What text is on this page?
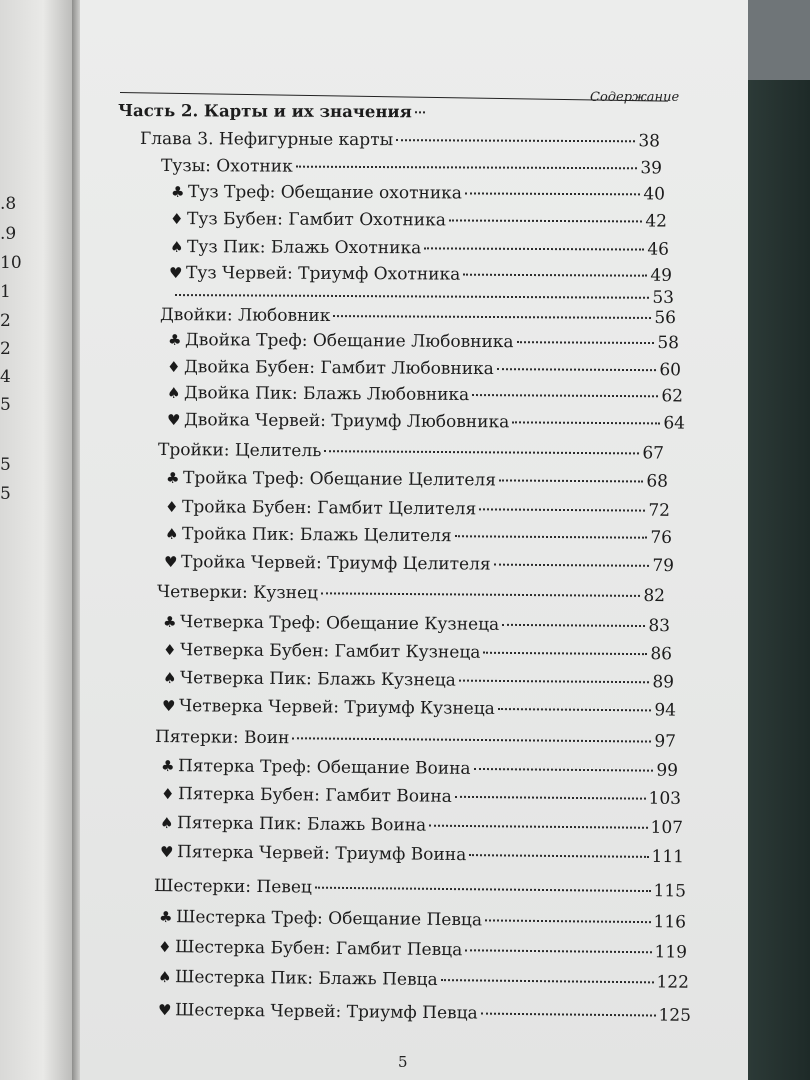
.8
.9
10
1
2
2
4
5
5
5
Содержание
Часть 2. Карты и их значения
Глава 3. Нефигурные карты	38
Тузы: Охотник	39
♣ Туз Треф: Обещание охотника	40
♦ Туз Бубен: Гамбит Охотника	42
♠ Туз Пик: Блажь Охотника	46
♥ Туз Червей: Триумф Охотника	49
53
Двойки: Любовник	56
♣ Двойка Треф: Обещание Любовника	58
♦ Двойка Бубен: Гамбит Любовника	60
♠ Двойка Пик: Блажь Любовника	62
♥ Двойка Червей: Триумф Любовника	64
Тройки: Целитель	67
♣ Тройка Треф: Обещание Целителя	68
♦ Тройка Бубен: Гамбит Целителя	72
♠ Тройка Пик: Блажь Целителя	76
♥ Тройка Червей: Триумф Целителя	79
Четверки: Кузнец	82
♣ Четверка Треф: Обещание Кузнеца	83
♦ Четверка Бубен: Гамбит Кузнеца	86
♠ Четверка Пик: Блажь Кузнеца	89
♥ Четверка Червей: Триумф Кузнеца	94
Пятерки: Воин	97
♣ Пятерка Треф: Обещание Воина	99
♦ Пятерка Бубен: Гамбит Воина	103
♠ Пятерка Пик: Блажь Воина	107
♥ Пятерка Червей: Триумф Воина	111
Шестерки: Певец	115
♣ Шестерка Треф: Обещание Певца	116
♦ Шестерка Бубен: Гамбит Певца	119
♠ Шестерка Пик: Блажь Певца	122
♥ Шестерка Червей: Триумф Певца	125
5
